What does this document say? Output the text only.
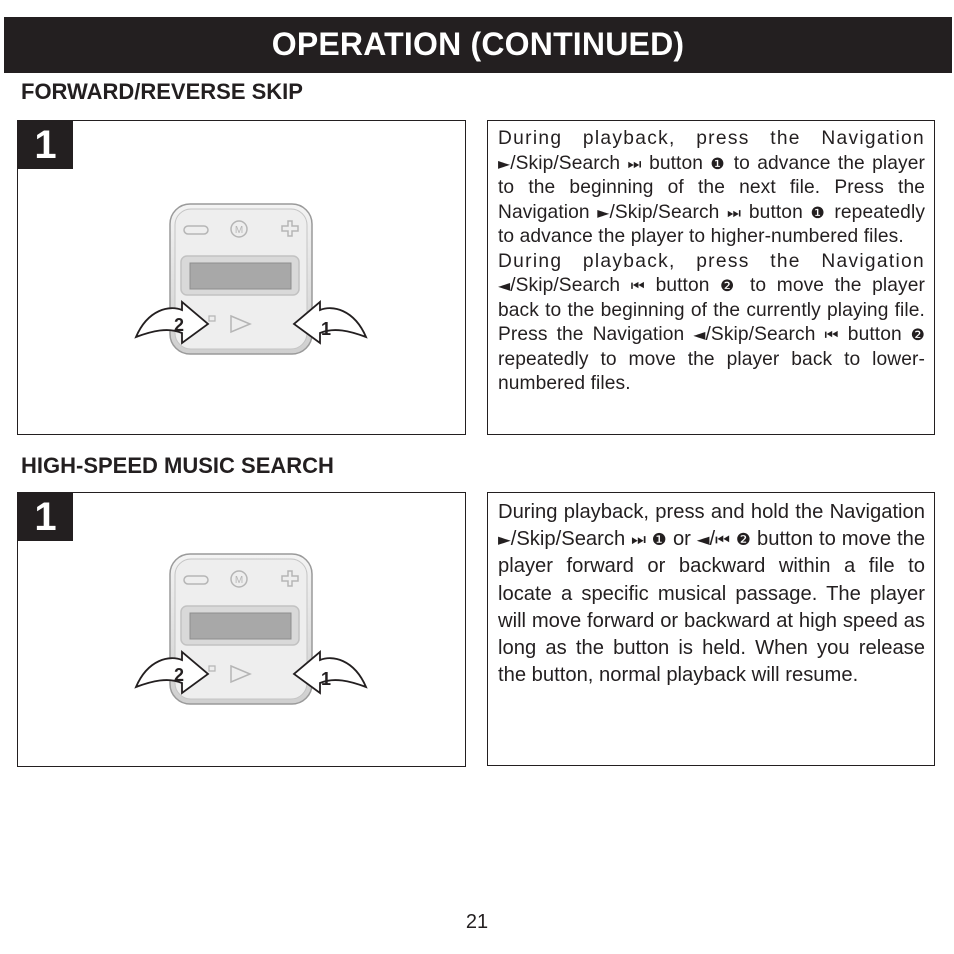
OPERATION (CONTINUED)
FORWARD/REVERSE SKIP
1
M
2	1

During playback, press the Navigation ►/Skip/Search ⏭ button ❶ to advance the player to the beginning of the next file. Press the Navigation ►/Skip/Search ⏭ button ❶ repeatedly to advance the player to higher-numbered files.

During playback, press the Navigation ◄/Skip/Search ⏮ button ❷ to move the player back to the beginning of the currently playing file. Press the Navigation ◄/Skip/Search ⏮ button ❷ repeatedly to move the player back to lower-numbered files.

HIGH-SPEED MUSIC SEARCH
1
M
2	1

During playback, press and hold the Navigation ►/Skip/Search ⏭ ❶ or ◄/⏮ ❷ button to move the player forward or backward within a file to locate a specific musical passage. The player will move forward or backward at high speed as long as the button is held. When you release the button, normal playback will resume.

21
